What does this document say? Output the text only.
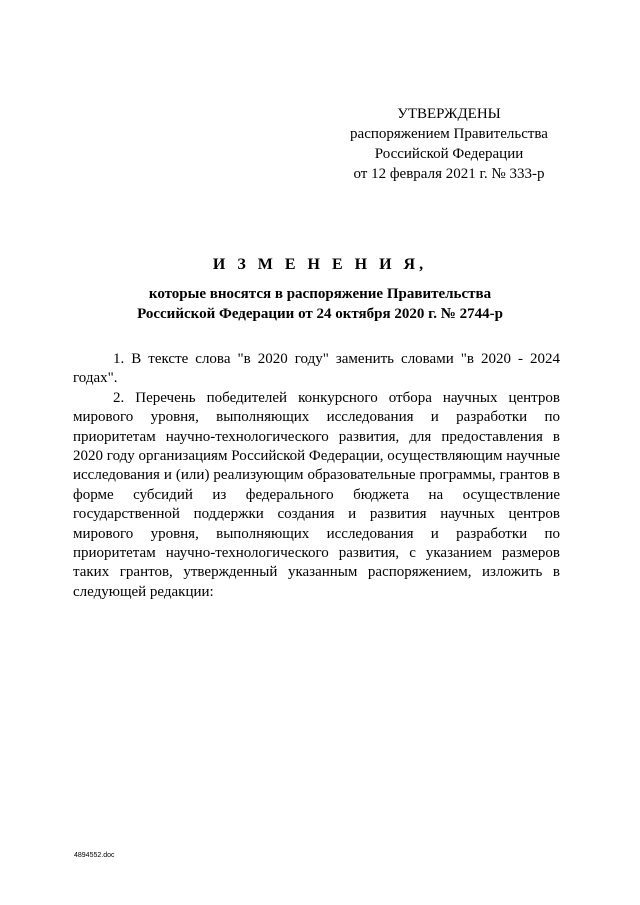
УТВЕРЖДЕНЫ
распоряжением Правительства
Российской Федерации
от 12 февраля 2021 г. № 333-р
И З М Е Н Е Н И Я,
которые вносятся в распоряжение Правительства
Российской Федерации от 24 октября 2020 г. № 2744-р

1. В тексте слова "в 2020 году" заменить словами "в 2020 - 2024 годах".

2. Перечень победителей конкурсного отбора научных центров мирового уровня, выполняющих исследования и разработки по приоритетам научно-технологического развития, для предоставления в 2020 году организациям Российской Федерации, осуществляющим научные исследования и (или) реализующим образовательные программы, грантов в форме субсидий из федерального бюджета на осуществление государственной поддержки создания и развития научных центров мирового уровня, выполняющих исследования и разработки по приоритетам научно-технологического развития, с указанием размеров таких грантов, утвержденный указанным распоряжением, изложить в следующей редакции:

4894552.doc
